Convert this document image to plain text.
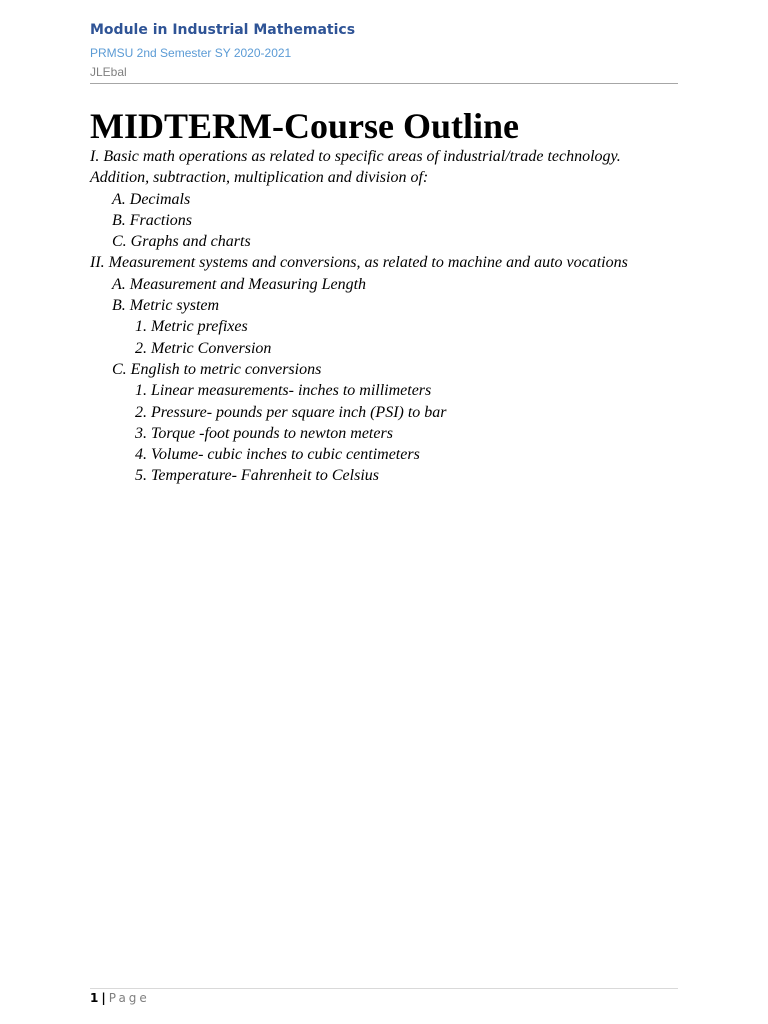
Module in Industrial Mathematics
PRMSU 2nd Semester SY 2020-2021
JLEbal
MIDTERM-Course Outline
I. Basic math operations as related to specific areas of industrial/trade technology.
Addition, subtraction, multiplication and division of:
A. Decimals
B. Fractions
C. Graphs and charts
II. Measurement systems and conversions, as related to machine and auto vocations
A. Measurement and Measuring Length
B. Metric system
1. Metric prefixes
2. Metric Conversion
C. English to metric conversions
1. Linear measurements- inches to millimeters
2. Pressure- pounds per square inch (PSI) to bar
3. Torque -foot pounds to newton meters
4. Volume- cubic inches to cubic centimeters
5. Temperature- Fahrenheit to Celsius
1 | Page
